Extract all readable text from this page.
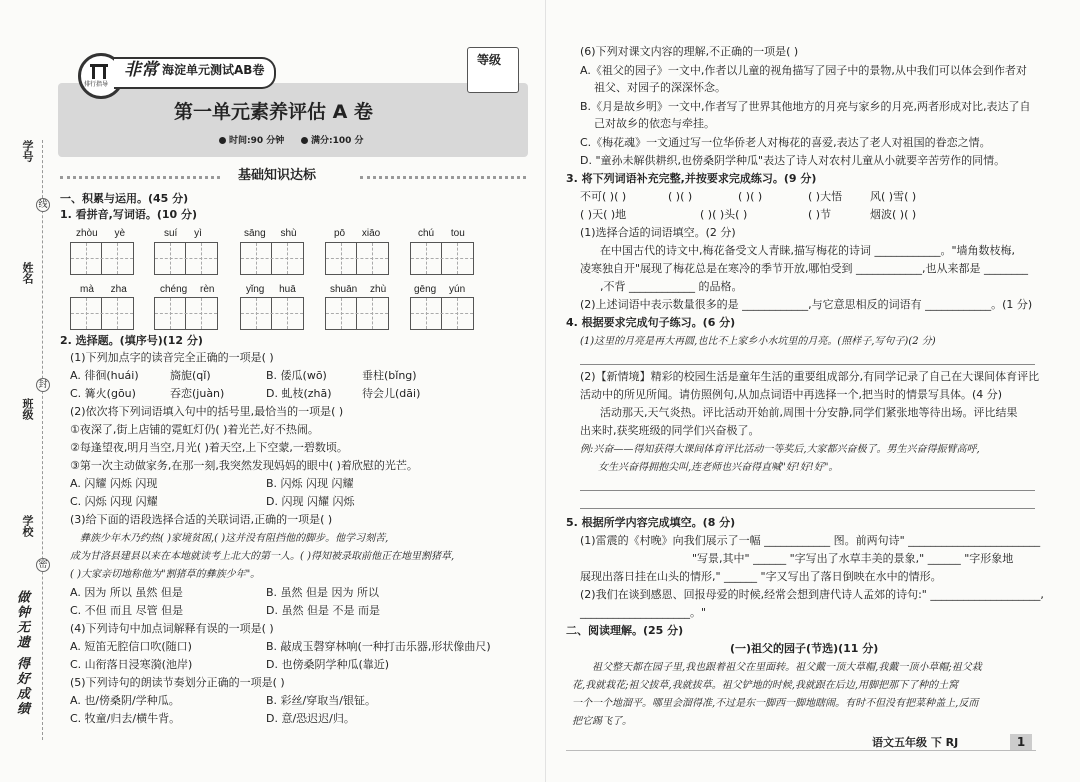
学号
姓名
班级
学校
线
封
密
做钟无遗 得好成绩
排行指导
非常 海淀单元测试AB卷
等级
第一单元素养评估 A 卷
时间:90 分钟	满分:100 分
基础知识达标
一、积累与运用。(45 分)
1. 看拼音,写词语。(10 分)
zhòu yè	suí yì	sāng shù	pō xiāo	chú tou
mà zha	chéng rèn	yǐng huā	shuān zhù	gēng yún
2. 选择题。(填序号)(12 分)
(1)下列加点字的读音完全正确的一项是( )
A. 徘徊(huái)	旖旎(qǐ)	B. 倭瓜(wō)	垂柱(bǐng)
C. 篝火(gōu)	吞恋(juàn)	D. 虬枝(zhā)	待会儿(dāi)
(2)依次将下列词语填入句中的括号里,最恰当的一项是( )
①夜深了,街上店铺的霓虹灯仍( )着光芒,好不热闹。
②每逢望夜,明月当空,月光( )着天空,上下空蒙,一碧数顷。
③第一次主动做家务,在那一刻,我突然发现妈妈的眼中( )着欣慰的光芒。
A. 闪耀 闪烁 闪现	B. 闪烁 闪现 闪耀
C. 闪烁 闪现 闪耀	D. 闪现 闪耀 闪烁
(3)给下面的语段选择合适的关联词语,正确的一项是( )
彝族少年木乃约热( )家境贫困,( )这并没有阻挡他的脚步。他学习刻苦,
成为甘洛县建县以来在本地就读考上北大的第一人。( )得知被录取前他正在地里割猪草,
( )大家亲切地称他为"割猪草的彝族少年"。
A. 因为 所以 虽然 但是	B. 虽然 但是 因为 所以
C. 不但 而且 尽管 但是	D. 虽然 但是 不是 而是
(4)下列诗句中加点词解释有误的一项是( )
A. 短笛无腔信口吹(随口)	B. 敲成玉磬穿林响(一种打击乐器,形状像曲尺)
C. 山衔落日浸寒漪(池岸)	D. 也傍桑阴学种瓜(靠近)
(5)下列诗句的朗读节奏划分正确的一项是( )
A. 也/傍桑阴/学种瓜。	B. 彩丝/穿取当/银钲。
C. 牧童/归去/横牛背。	D. 意/恐迟迟/归。
(6)下列对课文内容的理解,不正确的一项是( )
A.《祖父的园子》一文中,作者以儿童的视角描写了园子中的景物,从中我们可以体会到作者对
祖父、对园子的深深怀念。
B.《月是故乡明》一文中,作者写了世界其他地方的月亮与家乡的月亮,两者形成对比,表达了自
己对故乡的依恋与牵挂。
C.《梅花魂》一文通过写一位华侨老人对梅花的喜爱,表达了老人对祖国的眷恋之情。
D. "童孙未解供耕织,也傍桑阴学种瓜"表达了诗人对农村儿童从小就要辛苦劳作的同情。
3. 将下列词语补充完整,并按要求完成练习。(9 分)
不可( )( )	( )( )	( )( )	( )大悟	风( )雪( )
( )天( )地	( )( )头( )	( )节	烟波( )( )
(1)选择合适的词语填空。(2 分)
在中国古代的诗文中,梅花备受文人青睐,描写梅花的诗词 ____________。"墙角数枝梅,
凌寒独自开"展现了梅花总是在寒冷的季节开放,哪怕受到 ____________,也从来都是 ________
,不背 ____________ 的品格。
(2)上述词语中表示数量很多的是 ____________,与它意思相反的词语有 ____________。(1 分)
4. 根据要求完成句子练习。(6 分)
(1)这里的月亮是再大再圆,也比不上家乡小水坑里的月亮。(照样子,写句子)(2 分)
(2)【新情境】精彩的校园生活是童年生活的重要组成部分,有同学记录了自己在大课间体育评比
活动中的所见所闻。请仿照例句,从加点词语中再选择一个,把当时的情景写具体。(4 分)
活动那天,天气炎热。评比活动开始前,周围十分安静,同学们紧张地等待出场。评比结果
出来时,获奖班级的同学们兴奋极了。
例:兴奋——得知获得大课间体育评比活动一等奖后,大家都兴奋极了。男生兴奋得振臂高呼,
女生兴奋得拥抱尖叫,连老师也兴奋得直喊"好!好!好"。
5. 根据所学内容完成填空。(8 分)
(1)雷震的《村晚》向我们展示了一幅 ____________ 图。前两句诗" ________________________
"写景,其中" ______ "字写出了水草丰美的景象," ______ "字形象地
展现出落日挂在山头的情形," ______ "字又写出了落日倒映在水中的情形。
(2)我们在谈到感恩、回报母爱的时候,经常会想到唐代诗人孟郊的诗句:" ____________________,
____________________。"
二、阅读理解。(25 分)
(一)祖父的园子(节选)(11 分)
祖父整天都在园子里,我也跟着祖父在里面转。祖父戴一顶大草帽,我戴一顶小草帽;祖父栽
花,我就栽花;祖父拔草,我就拔草。祖父铲地的时候,我就跟在后边,用脚把那下了种的土窝
一个一个地溜平。哪里会溜得准,不过是东一脚西一脚地瞎闹。有时不但没有把菜种盖上,反而
把它踢飞了。
语文五年级 下 RJ	1
